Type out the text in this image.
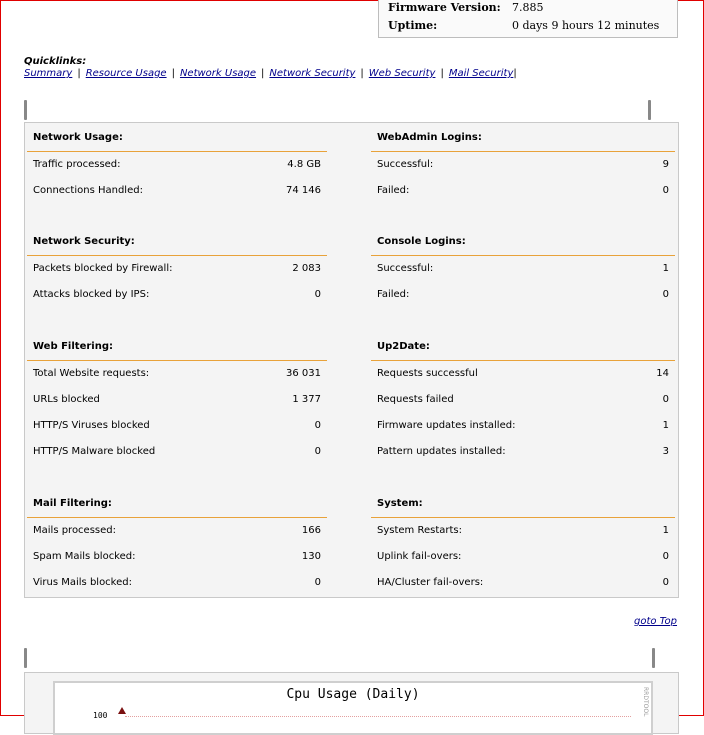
Firmware Version: 7.885
Uptime:	0 days 9 hours 12 minutes
Quicklinks:
Summary | Resource Usage | Network Usage | Network Security | Web Security | Mail Security|
Network Usage:
Traffic processed:	4.8 GB
Connections Handled:	74 146
WebAdmin Logins:
Successful:	9
Failed:	0
Network Security:
Packets blocked by Firewall:	2 083
Attacks blocked by IPS:	0
Console Logins:
Successful:	1
Failed:	0
Web Filtering:
Total Website requests:	36 031
URLs blocked	1 377
HTTP/S Viruses blocked	0
HTTP/S Malware blocked	0
Up2Date:
Requests successful	14
Requests failed	0
Firmware updates installed:	1
Pattern updates installed:	3
Mail Filtering:
Mails processed:	166
Spam Mails blocked:	130
Virus Mails blocked:	0
System:
System Restarts:	1
Uplink fail-overs:	0
HA/Cluster fail-overs:	0
goto Top
Cpu Usage (Daily)
100	RRDTOOL
